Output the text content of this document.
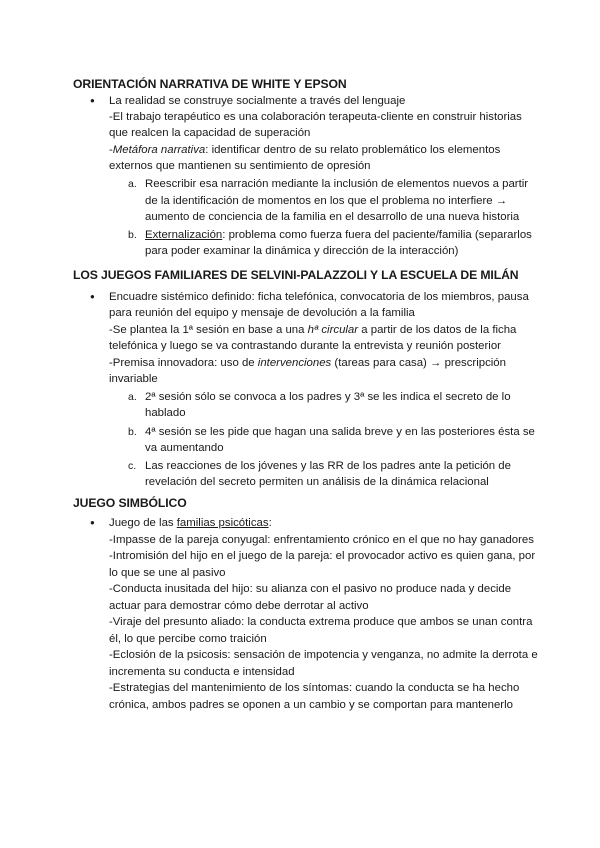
ORIENTACIÓN NARRATIVA DE WHITE Y EPSON
● La realidad se construye socialmente a través del lenguaje
-El trabajo terapéutico es una colaboración terapeuta-cliente en construir historias
que realcen la capacidad de superación
-Metáfora narrativa: identificar dentro de su relato problemático los elementos
externos que mantienen su sentimiento de opresión
a. Reescribir esa narración mediante la inclusión de elementos nuevos a partir
de la identificación de momentos en los que el problema no interfiere →
aumento de conciencia de la familia en el desarrollo de una nueva historia
b. Externalización: problema como fuerza fuera del paciente/familia (separarlos
para poder examinar la dinámica y dirección de la interacción)
LOS JUEGOS FAMILIARES DE SELVINI-PALAZZOLI Y LA ESCUELA DE MILÁN
● Encuadre sistémico definido: ficha telefónica, convocatoria de los miembros, pausa
para reunión del equipo y mensaje de devolución a la familia
-Se plantea la 1ª sesión en base a una hª circular a partir de los datos de la ficha
telefónica y luego se va contrastando durante la entrevista y reunión posterior
-Premisa innovadora: uso de intervenciones (tareas para casa) → prescripción
invariable
a. 2ª sesión sólo se convoca a los padres y 3ª se les indica el secreto de lo
hablado
b. 4ª sesión se les pide que hagan una salida breve y en las posteriores ésta se
va aumentando
c. Las reacciones de los jóvenes y las RR de los padres ante la petición de
revelación del secreto permiten un análisis de la dinámica relacional
JUEGO SIMBÓLICO
● Juego de las familias psicóticas:
-Impasse de la pareja conyugal: enfrentamiento crónico en el que no hay ganadores
-Intromisión del hijo en el juego de la pareja: el provocador activo es quien gana, por
lo que se une al pasivo
-Conducta inusitada del hijo: su alianza con el pasivo no produce nada y decide
actuar para demostrar cómo debe derrotar al activo
-Viraje del presunto aliado: la conducta extrema produce que ambos se unan contra
él, lo que percibe como traición
-Eclosión de la psicosis: sensación de impotencia y venganza, no admite la derrota e
incrementa su conducta e intensidad
-Estrategias del mantenimiento de los síntomas: cuando la conducta se ha hecho
crónica, ambos padres se oponen a un cambio y se comportan para mantenerlo
